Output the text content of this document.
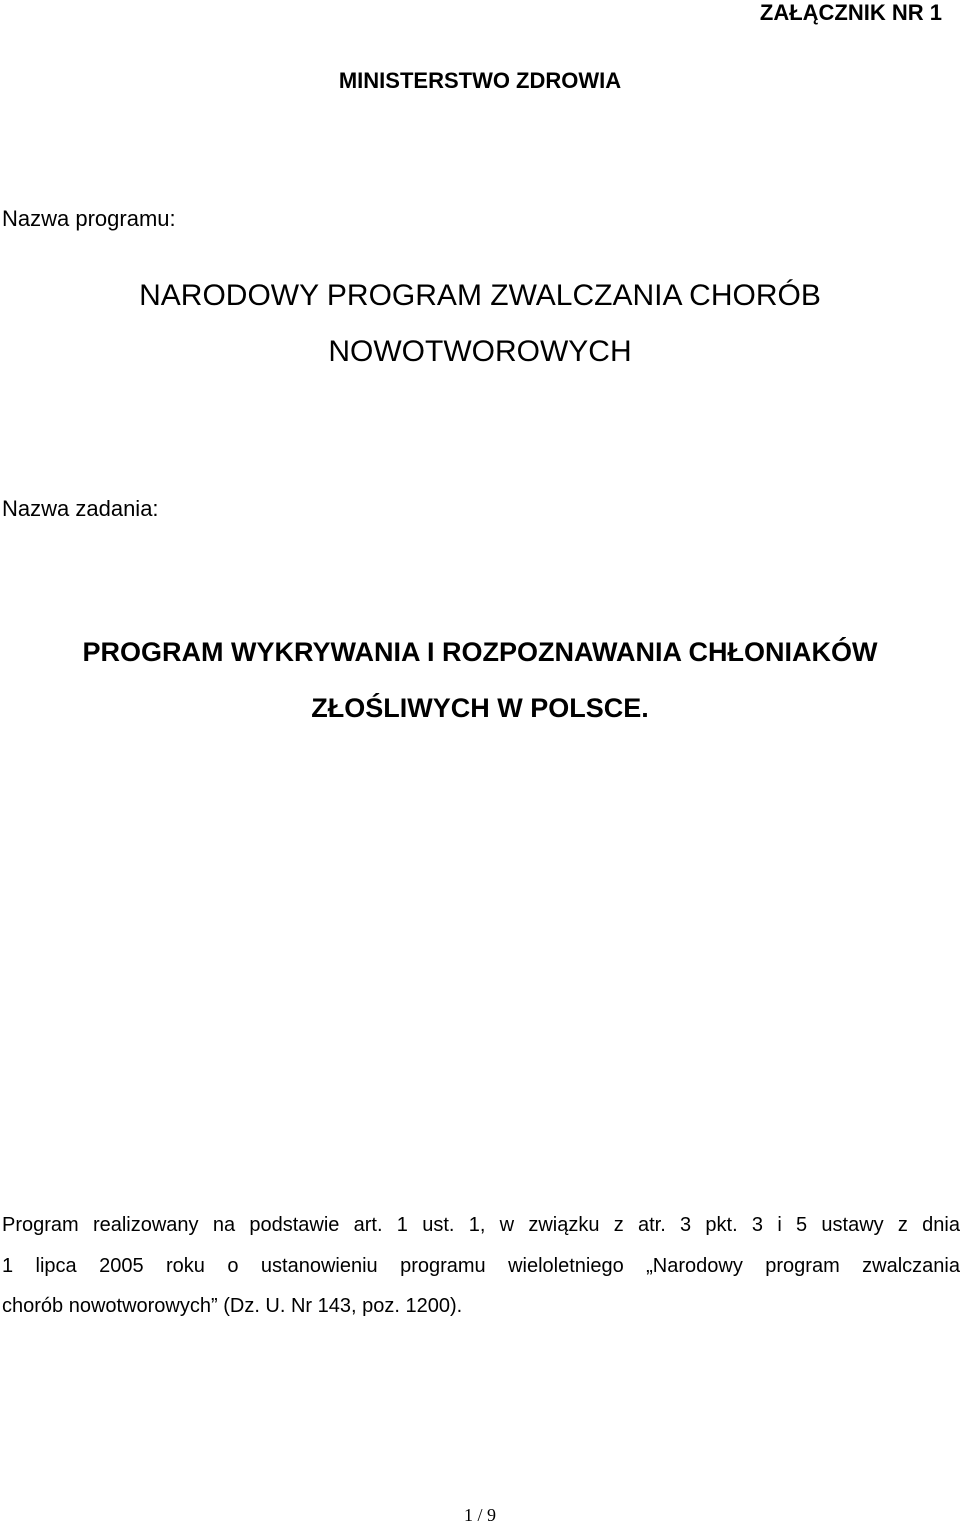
ZAŁĄCZNIK NR 1
MINISTERSTWO ZDROWIA
Nazwa programu:
NARODOWY PROGRAM ZWALCZANIA CHORÓB
NOWOTWOROWYCH
Nazwa zadania:
PROGRAM WYKRYWANIA I ROZPOZNAWANIA CHŁONIAKÓW
ZŁOŚLIWYCH W POLSCE.
Program realizowany na podstawie art. 1 ust. 1, w związku z atr. 3 pkt. 3 i 5 ustawy z dnia
1 lipca 2005 roku o ustanowieniu programu wieloletniego „Narodowy program zwalczania
chorób nowotworowych” (Dz. U. Nr 143, poz. 1200).
1 / 9
